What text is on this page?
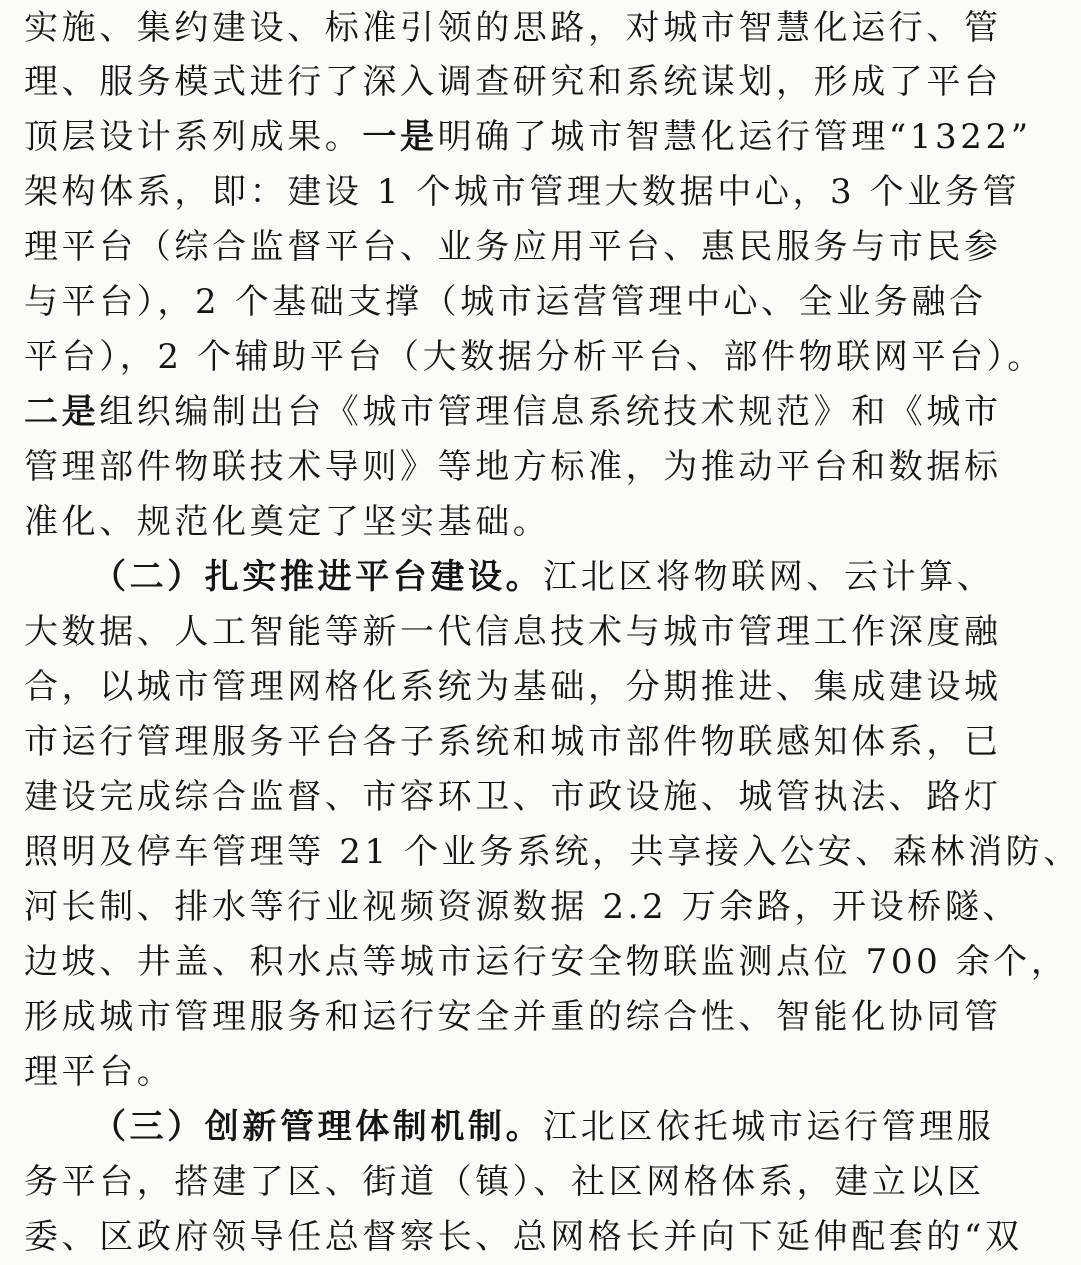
实施、集约建设、标准引领的思路，对城市智慧化运行、管
理、服务模式进行了深入调查研究和系统谋划，形成了平台
顶层设计系列成果。一是明确了城市智慧化运行管理“1322”
架构体系，即：建设 1 个城市管理大数据中心，3 个业务管
理平台（综合监督平台、业务应用平台、惠民服务与市民参
与平台），2 个基础支撑（城市运营管理中心、全业务融合
平台），2 个辅助平台（大数据分析平台、部件物联网平台）。
二是组织编制出台《城市管理信息系统技术规范》和《城市
管理部件物联技术导则》等地方标准，为推动平台和数据标
准化、规范化奠定了坚实基础。
（二）扎实推进平台建设。江北区将物联网、云计算、
大数据、人工智能等新一代信息技术与城市管理工作深度融
合，以城市管理网格化系统为基础，分期推进、集成建设城
市运行管理服务平台各子系统和城市部件物联感知体系，已
建设完成综合监督、市容环卫、市政设施、城管执法、路灯
照明及停车管理等 21 个业务系统，共享接入公安、森林消防、
河长制、排水等行业视频资源数据 2.2 万余路，开设桥隧、
边坡、井盖、积水点等城市运行安全物联监测点位 700 余个，
形成城市管理服务和运行安全并重的综合性、智能化协同管
理平台。
（三）创新管理体制机制。江北区依托城市运行管理服
务平台，搭建了区、街道（镇）、社区网格体系，建立以区
委、区政府领导任总督察长、总网格长并向下延伸配套的“双
